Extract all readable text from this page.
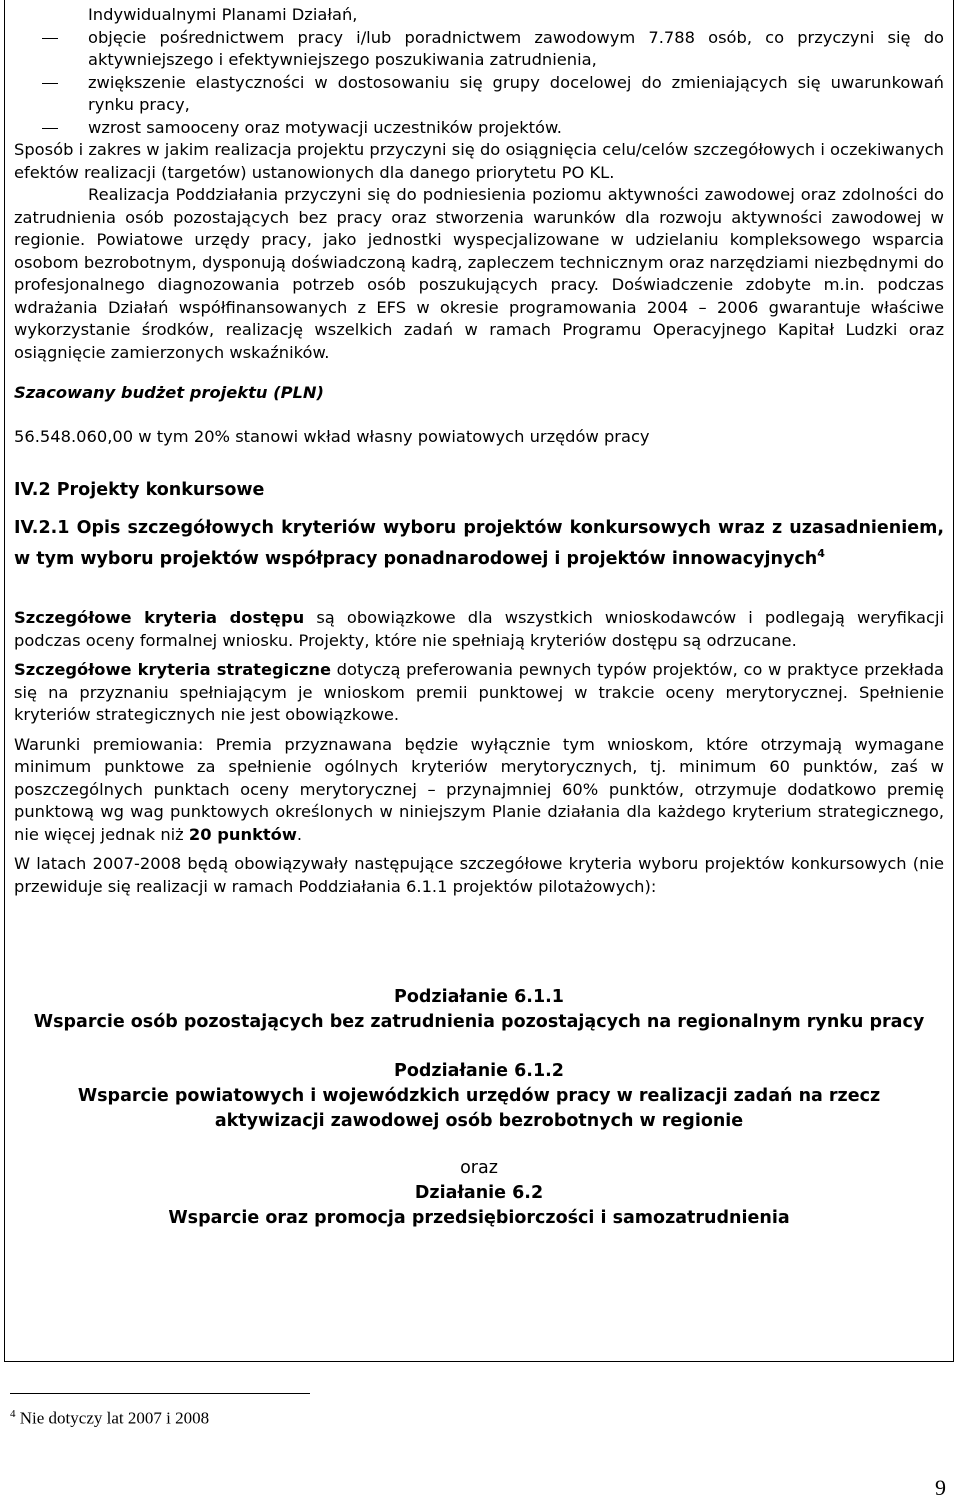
Indywidualnymi Planami Działań,
objęcie pośrednictwem pracy i/lub poradnictwem zawodowym 7.788 osób, co przyczyni się do aktywniejszego i efektywniejszego poszukiwania zatrudnienia,
zwiększenie elastyczności w dostosowaniu się grupy docelowej do zmieniających się uwarunkowań rynku pracy,
wzrost samooceny oraz motywacji uczestników projektów.

Sposób i zakres w jakim realizacja projektu przyczyni się do osiągnięcia celu/celów szczegółowych i oczekiwanych efektów realizacji (targetów) ustanowionych dla danego priorytetu PO KL.

Realizacja Poddziałania przyczyni się do podniesienia poziomu aktywności zawodowej oraz zdolności do zatrudnienia osób pozostających bez pracy oraz stworzenia warunków dla rozwoju aktywności zawodowej w regionie. Powiatowe urzędy pracy, jako jednostki wyspecjalizowane w udzielaniu kompleksowego wsparcia osobom bezrobotnym, dysponują doświadczoną kadrą, zapleczem technicznym oraz narzędziami niezbędnymi do profesjonalnego diagnozowania potrzeb osób poszukujących pracy. Doświadczenie zdobyte m.in. podczas wdrażania Działań współfinansowanych z EFS w okresie programowania 2004 – 2006 gwarantuje właściwe wykorzystanie środków, realizację wszelkich zadań w ramach Programu Operacyjnego Kapitał Ludzki oraz osiągnięcie zamierzonych wskaźników.

Szacowany budżet projektu (PLN)

56.548.060,00 w tym 20% stanowi wkład własny powiatowych urzędów pracy

IV.2 Projekty konkursowe

IV.2.1 Opis szczegółowych kryteriów wyboru projektów konkursowych wraz z uzasadnieniem, w tym wyboru projektów współpracy ponadnarodowej i projektów innowacyjnych$^4$

Szczegółowe kryteria dostępu są obowiązkowe dla wszystkich wnioskodawców i podlegają weryfikacji podczas oceny formalnej wniosku. Projekty, które nie spełniają kryteriów dostępu są odrzucane.

Szczegółowe kryteria strategiczne dotyczą preferowania pewnych typów projektów, co w praktyce przekłada się na przyznaniu spełniającym je wnioskom premii punktowej w trakcie oceny merytorycznej. Spełnienie kryteriów strategicznych nie jest obowiązkowe.

Warunki premiowania: Premia przyznawana będzie wyłącznie tym wnioskom, które otrzymają wymagane minimum punktowe za spełnienie ogólnych kryteriów merytorycznych, tj. minimum 60 punktów, zaś w poszczególnych punktach oceny merytorycznej – przynajmniej 60% punktów, otrzymuje dodatkowo premię punktową wg wag punktowych określonych w niniejszym Planie działania dla każdego kryterium strategicznego, nie więcej jednak niż 20 punktów.

W latach 2007-2008 będą obowiązywały następujące szczegółowe kryteria wyboru projektów konkursowych (nie przewiduje się realizacji w ramach Poddziałania 6.1.1 projektów pilotażowych):

Podziałanie 6.1.1

Wsparcie osób pozostających bez zatrudnienia pozostających na regionalnym rynku pracy

Podziałanie 6.1.2

Wsparcie powiatowych i wojewódzkich urzędów pracy w realizacji zadań na rzecz aktywizacji zawodowej osób bezrobotnych w regionie

oraz

Działanie 6.2

Wsparcie oraz promocja przedsiębiorczości i samozatrudnienia

$^4$ Nie dotyczy lat 2007 i 2008
9
